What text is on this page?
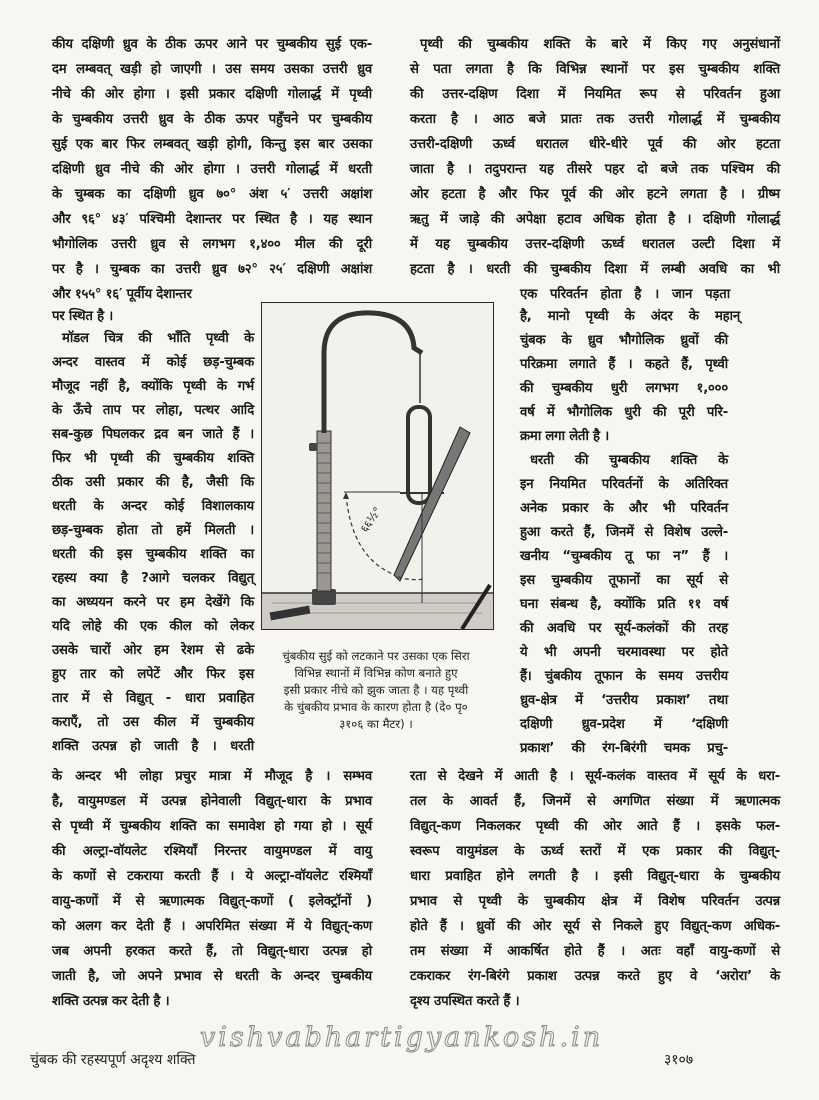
कीय दक्षिणी ध्रुव के ठीक ऊपर आने पर चुम्बकीय सुई एक-
दम लम्बवत् खड़ी हो जाएगी । उस समय उसका उत्तरी ध्रुव
नीचे की ओर होगा । इसी प्रकार दक्षिणी गोलार्द्ध में पृथ्वी
के चुम्बकीय उत्तरी ध्रुव के ठीक ऊपर पहुँचने पर चुम्बकीय
सुई एक बार फिर लम्बवत् खड़ी होगी, किन्तु इस बार उसका
दक्षिणी ध्रुव नीचे की ओर होगा । उत्तरी गोलार्द्ध में धरती
के चुम्बक का दक्षिणी ध्रुव ७०° अंश ५′ उत्तरी अक्षांश
और ९६° ४३′ पश्चिमी देशान्तर पर स्थित है । यह स्थान
भौगोलिक उत्तरी ध्रुव से लगभग १,४०० मील की दूरी
पर है । चुम्बक का उत्तरी ध्रुव ७२° २५′ दक्षिणी अक्षांश
और १५५° १६′ पूर्वीय देशान्तर
पर स्थित है ।
मॉडल चित्र की भाँति पृथ्वी के
अन्दर वास्तव में कोई छड़-चुम्बक
मौजूद नहीं है, क्योंकि पृथ्वी के गर्भ
के ऊँचे ताप पर लोहा, पत्थर आदि
सब-कुछ पिघलकर द्रव बन जाते हैं ।
फिर भी पृथ्वी की चुम्बकीय शक्ति
ठीक उसी प्रकार की है, जैसी कि
धरती के अन्दर कोई विशालकाय
छड़-चुम्बक होता तो हमें मिलती ।
धरती की इस चुम्बकीय शक्ति का
रहस्य क्या है ?आगे चलकर विद्युत्
का अध्ययन करने पर हम देखेंगे कि
यदि लोहे की एक कील को लेकर
उसके चारों ओर हम रेशम से ढके
हुए तार को लपेटें और फिर इस
तार में से विद्युत् - धारा प्रवाहित
कराएँ, तो उस कील में चुम्बकीय
शक्ति उत्पन्न हो जाती है । धरती
पृथ्वी की चुम्बकीय शक्ति के बारे में किए गए अनुसंधानों
से पता लगता है कि विभिन्न स्थानों पर इस चुम्बकीय शक्ति
की उत्तर-दक्षिण दिशा में नियमित रूप से परिवर्तन हुआ
करता है । आठ बजे प्रातः तक उत्तरी गोलार्द्ध में चुम्बकीय
उत्तरी-दक्षिणी ऊर्ध्व धरातल धीरे-धीरे पूर्व की ओर हटता
जाता है । तदुपरान्त यह तीसरे पहर दो बजे तक पश्चिम की
ओर हटता है और फिर पूर्व की ओर हटने लगता है । ग्रीष्म
ऋतु में जाड़े की अपेक्षा हटाव अधिक होता है । दक्षिणी गोलार्द्ध
में यह चुम्बकीय उत्तर-दक्षिणी ऊर्ध्व धरातल उल्टी दिशा में
हटता है । धरती की चुम्बकीय दिशा में लम्बी अवधि का भी
एक परिवर्तन होता है । जान पड़ता
है, मानो पृथ्वी के अंदर के महान्
चुंबक के ध्रुव भौगोलिक ध्रुवों की
परिक्रमा लगाते हैं । कहते हैं, पृथ्वी
की चुम्बकीय धुरी लगभग १,०००
वर्ष में भौगोलिक धुरी की पूरी परि-
क्रमा लगा लेती है ।
धरती की चुम्बकीय शक्ति के
इन नियमित परिवर्तनों के अतिरिक्त
अनेक प्रकार के और भी परिवर्तन
हुआ करते हैं, जिनमें से विशेष उल्ले-
खनीय “चुम्बकीय तू फा न” हैं ।
इस चुम्बकीय तूफानों का सूर्य से
घना संबन्ध है, क्योंकि प्रति ११ वर्ष
की अवधि पर सूर्य-कलंकों की तरह
ये भी अपनी चरमावस्था पर होते
हैं। चुंबकीय तूफान के समय उत्तरीय
ध्रुव-क्षेत्र में ‘उत्तरीय प्रकाश’ तथा
दक्षिणी ध्रुव-प्रदेश में ‘दक्षिणी
प्रकाश’ की रंग-बिरंगी चमक प्रचु-
६६½°
चुंबकीय सुई को लटकाने पर उसका एक सिरा
विभिन्न स्थानों में विभिन्न कोण बनाते हुए
इसी प्रकार नीचे को झुक जाता है । यह पृथ्वी
के चुंबकीय प्रभाव के कारण होता है (दे० पृ०
३१०६ का मैटर) ।
के अन्दर भी लोहा प्रचुर मात्रा में मौजूद है । सम्भव
है, वायुमण्डल में उत्पन्न होनेवाली विद्युत्-धारा के प्रभाव
से पृथ्वी में चुम्बकीय शक्ति का समावेश हो गया हो । सूर्य
की अल्ट्रा-वॉयलेट रश्मियाँ निरन्तर वायुमण्डल में वायु
के कणों से टकराया करती हैं । ये अल्ट्रा-वॉयलेट रश्मियाँ
वायु-कणों में से ऋणात्मक विद्युत्-कणों ( इलेक्ट्रॉनों )
को अलग कर देती हैं । अपरिमित संख्या में ये विद्युत्-कण
जब अपनी हरकत करते हैं, तो विद्युत्-धारा उत्पन्न हो
जाती है, जो अपने प्रभाव से धरती के अन्दर चुम्बकीय
शक्ति उत्पन्न कर देती है ।
रता से देखने में आती है । सूर्य-कलंक वास्तव में सूर्य के धरा-
तल के आवर्त हैं, जिनमें से अगणित संख्या में ऋणात्मक
विद्युत्-कण निकलकर पृथ्वी की ओर आते हैं । इसके फल-
स्वरूप वायुमंडल के ऊर्ध्व स्तरों में एक प्रकार की विद्युत्-
धारा प्रवाहित होने लगती है । इसी विद्युत्-धारा के चुम्बकीय
प्रभाव से पृथ्वी के चुम्बकीय क्षेत्र में विशेष परिवर्तन उत्पन्न
होते हैं । ध्रुवों की ओर सूर्य से निकले हुए विद्युत्-कण अधिक-
तम संख्या में आकर्षित होते हैं । अतः वहाँ वायु-कणों से
टकराकर रंग-बिरंगे प्रकाश उत्पन्न करते हुए वे ‘अरोरा’ के
दृश्य उपस्थित करते हैं ।
vishvabhartigyankosh.in
चुंबक की रहस्यपूर्ण अदृश्य शक्ति	३१०७
